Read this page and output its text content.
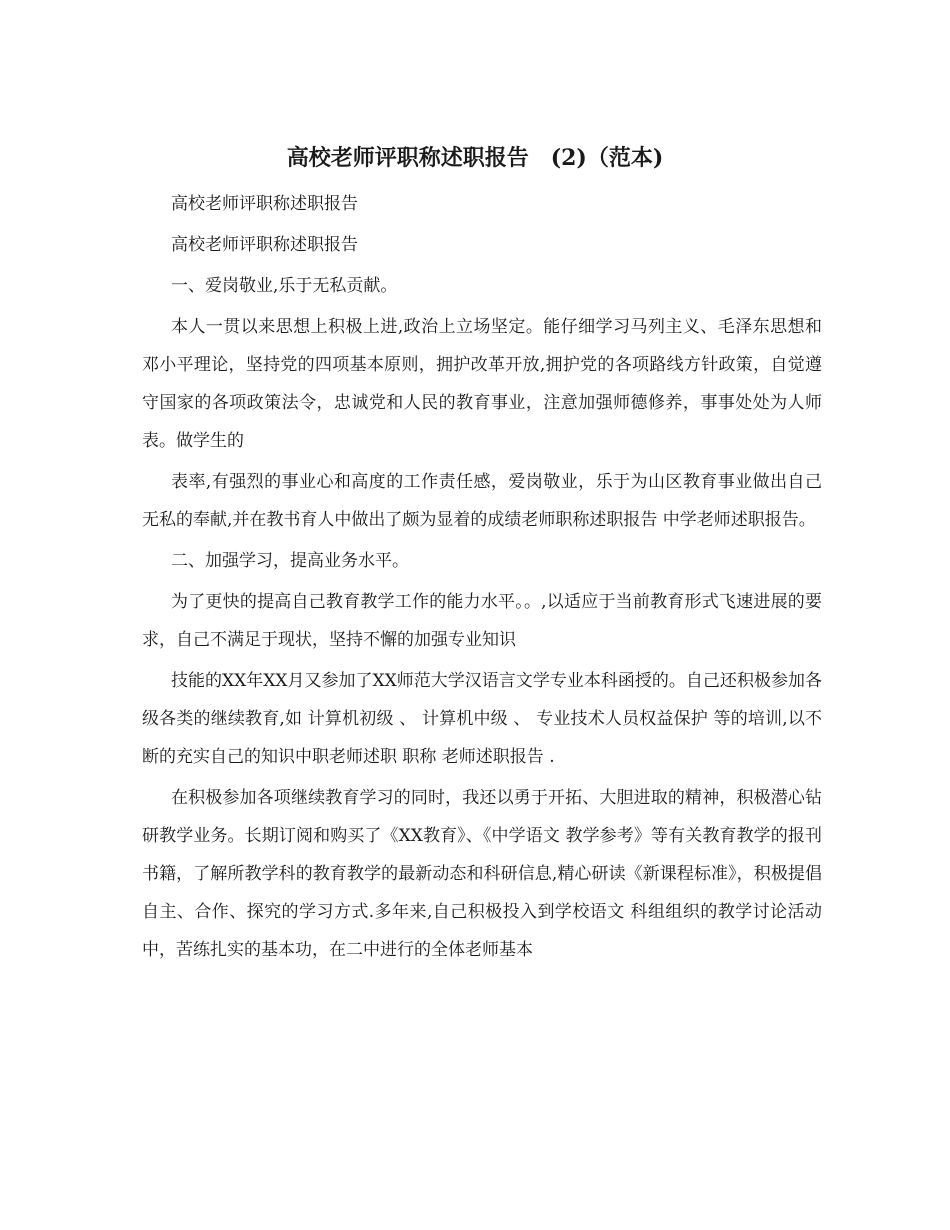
高校老师评职称述职报告　(2)（范本)

高校老师评职称述职报告

高校老师评职称述职报告

一、爱岗敬业,乐于无私贡献。

本人一贯以来思想上积极上进,政治上立场坚定。能仔细学习马列主义、毛泽东思想和邓小平理论，坚持党的四项基本原则，拥护改革开放,拥护党的各项路线方针政策，自觉遵守国家的各项政策法令，忠诚党和人民的教育事业，注意加强师德修养，事事处处为人师表。做学生的

表率,有强烈的事业心和高度的工作责任感，爱岗敬业，乐于为山区教育事业做出自己无私的奉献,并在教书育人中做出了颇为显着的成绩老师职称述职报告 中学老师述职报告。

二、加强学习，提高业务水平。

为了更快的提高自己教育教学工作的能力水平。。,以适应于当前教育形式飞速进展的要求，自己不满足于现状，坚持不懈的加强专业知识

技能的XX年XX月又参加了XX师范大学汉语言文学专业本科函授的。自己还积极参加各级各类的继续教育,如 计算机初级 、 计算机中级 、 专业技术人员权益保护 等的培训,以不断的充实自己的知识中职老师述职 职称 老师述职报告 .

在积极参加各项继续教育学习的同时，我还以勇于开拓、大胆进取的精神，积极潜心钻研教学业务。长期订阅和购买了《XX教育》、《中学语文 教学参考》等有关教育教学的报刊书籍，了解所教学科的教育教学的最新动态和科研信息,精心研读《新课程标准》，积极提倡自主、合作、探究的学习方式.多年来,自己积极投入到学校语文 科组组织的教学讨论活动中，苦练扎实的基本功，在二中进行的全体老师基本
